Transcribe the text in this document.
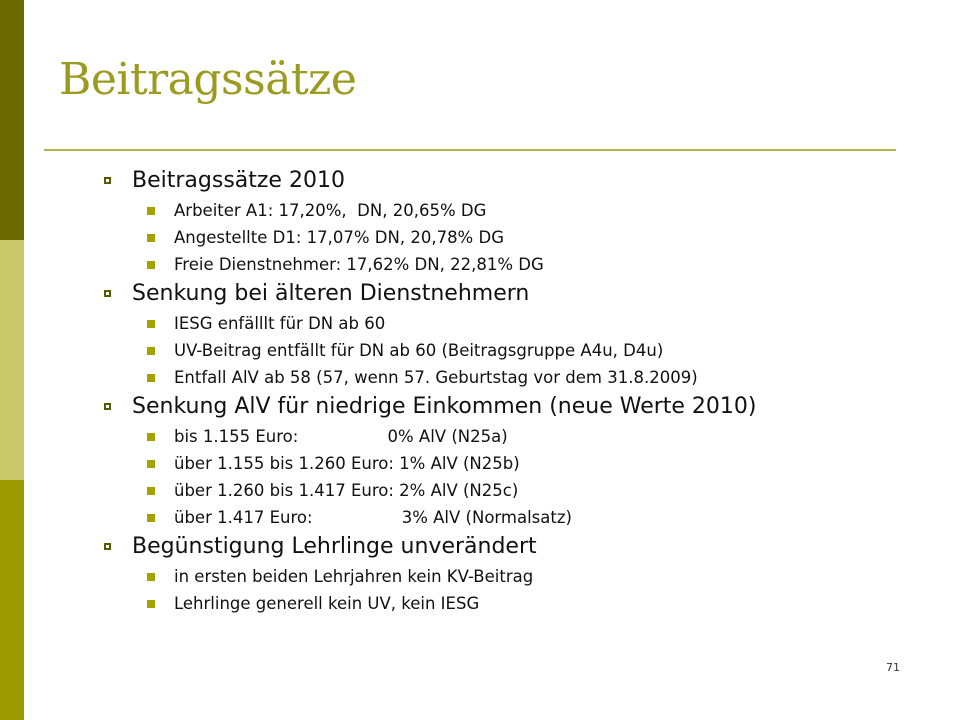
Beitragssätze
Beitragssätze 2010
Arbeiter A1: 17,20%,  DN, 20,65% DG
Angestellte D1: 17,07% DN, 20,78% DG
Freie Dienstnehmer: 17,62% DN, 22,81% DG
Senkung bei älteren Dienstnehmern
IESG enfälllt für DN ab 60
UV-Beitrag entfällt für DN ab 60 (Beitragsgruppe A4u, D4u)
Entfall AlV ab 58 (57, wenn 57. Geburtstag vor dem 31.8.2009)
Senkung AlV für niedrige Einkommen (neue Werte 2010)
bis 1.155 Euro:                 0% AlV (N25a)
über 1.155 bis 1.260 Euro: 1% AlV (N25b)
über 1.260 bis 1.417 Euro: 2% AlV (N25c)
über 1.417 Euro:                 3% AlV (Normalsatz)
Begünstigung Lehrlinge unverändert
in ersten beiden Lehrjahren kein KV-Beitrag
Lehrlinge generell kein UV, kein IESG
71
